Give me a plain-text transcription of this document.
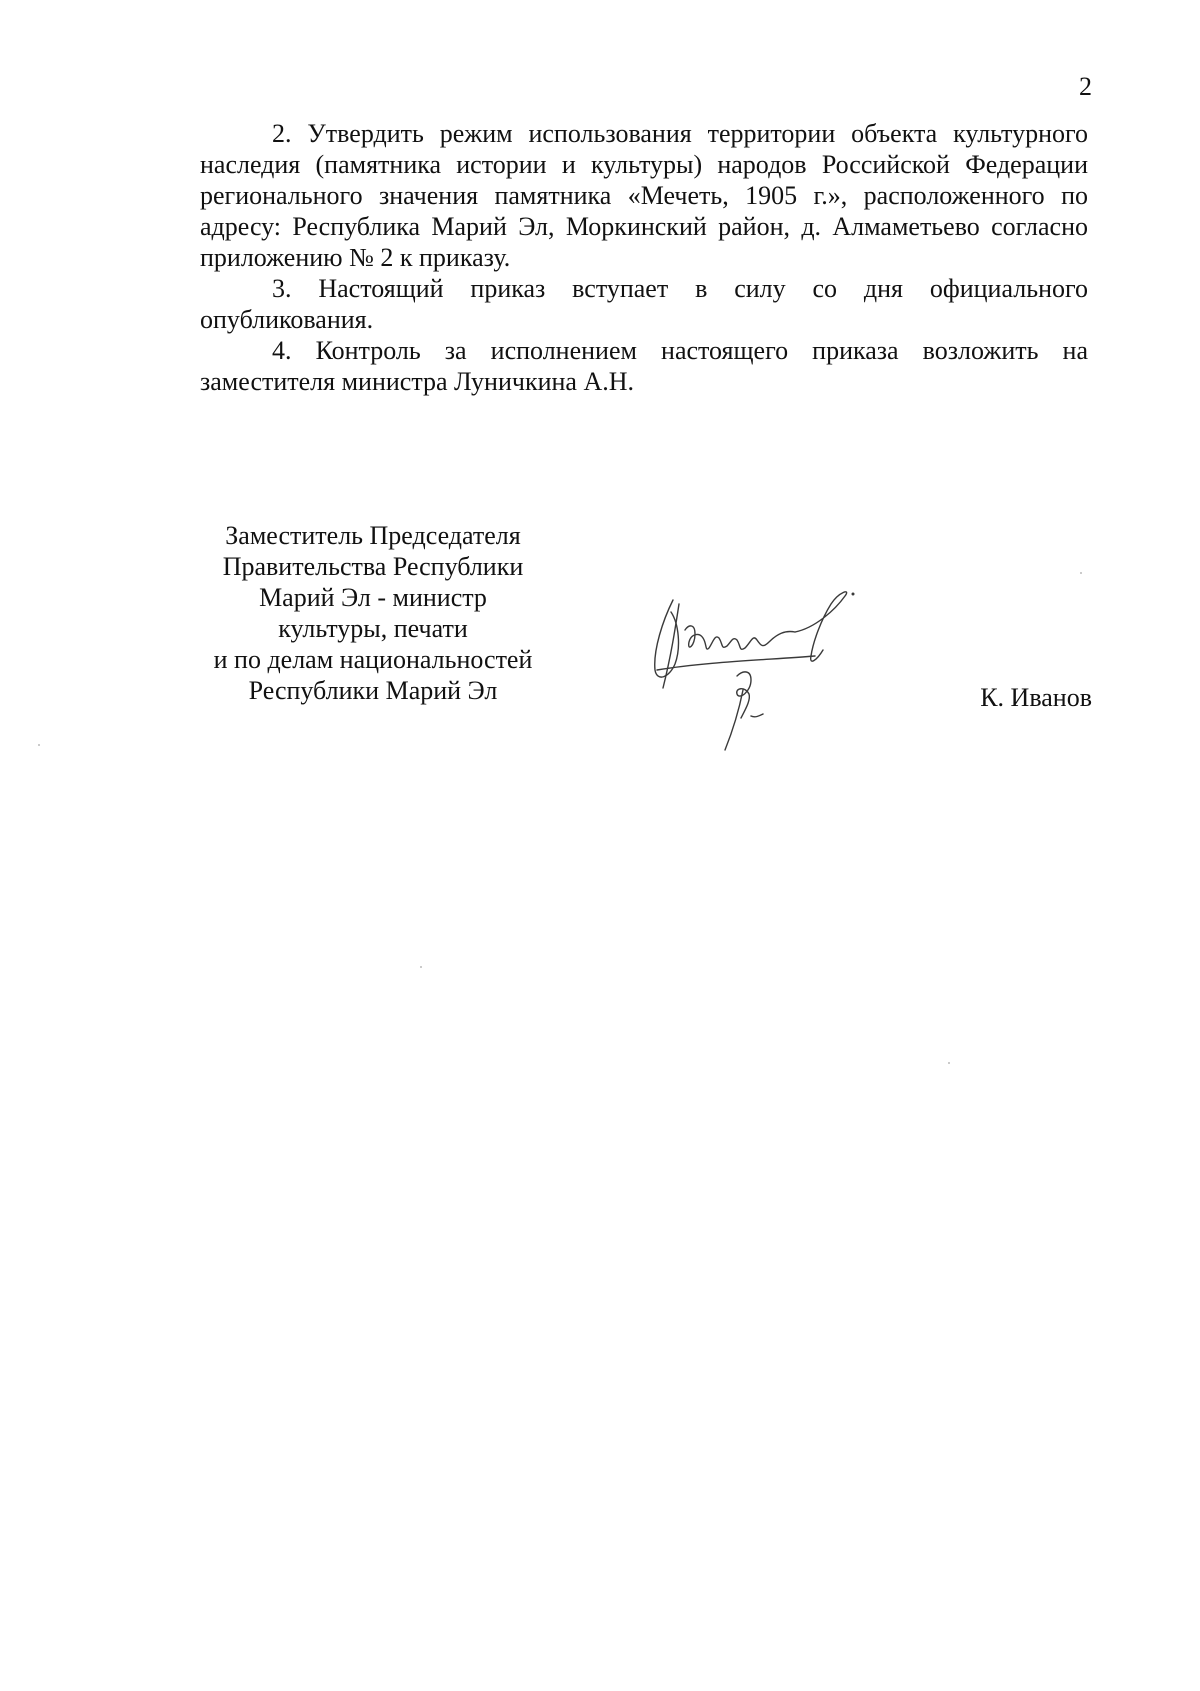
2

2. Утвердить режим использования территории объекта культурного наследия (памятника истории и культуры) народов Российской Федерации регионального значения памятника «Мечеть, 1905 г.», расположенного по адресу: Республика Марий Эл, Моркинский район, д. Алмаметьево согласно приложению № 2 к приказу.

3. Настоящий приказ вступает в силу со дня официального опубликования.

4. Контроль за исполнением настоящего приказа возложить на заместителя министра Луничкина А.Н.

Заместитель Председателя
Правительства Республики
Марий Эл - министр
культуры, печати
и по делам национальностей
Республики Марий Эл	К. Иванов
